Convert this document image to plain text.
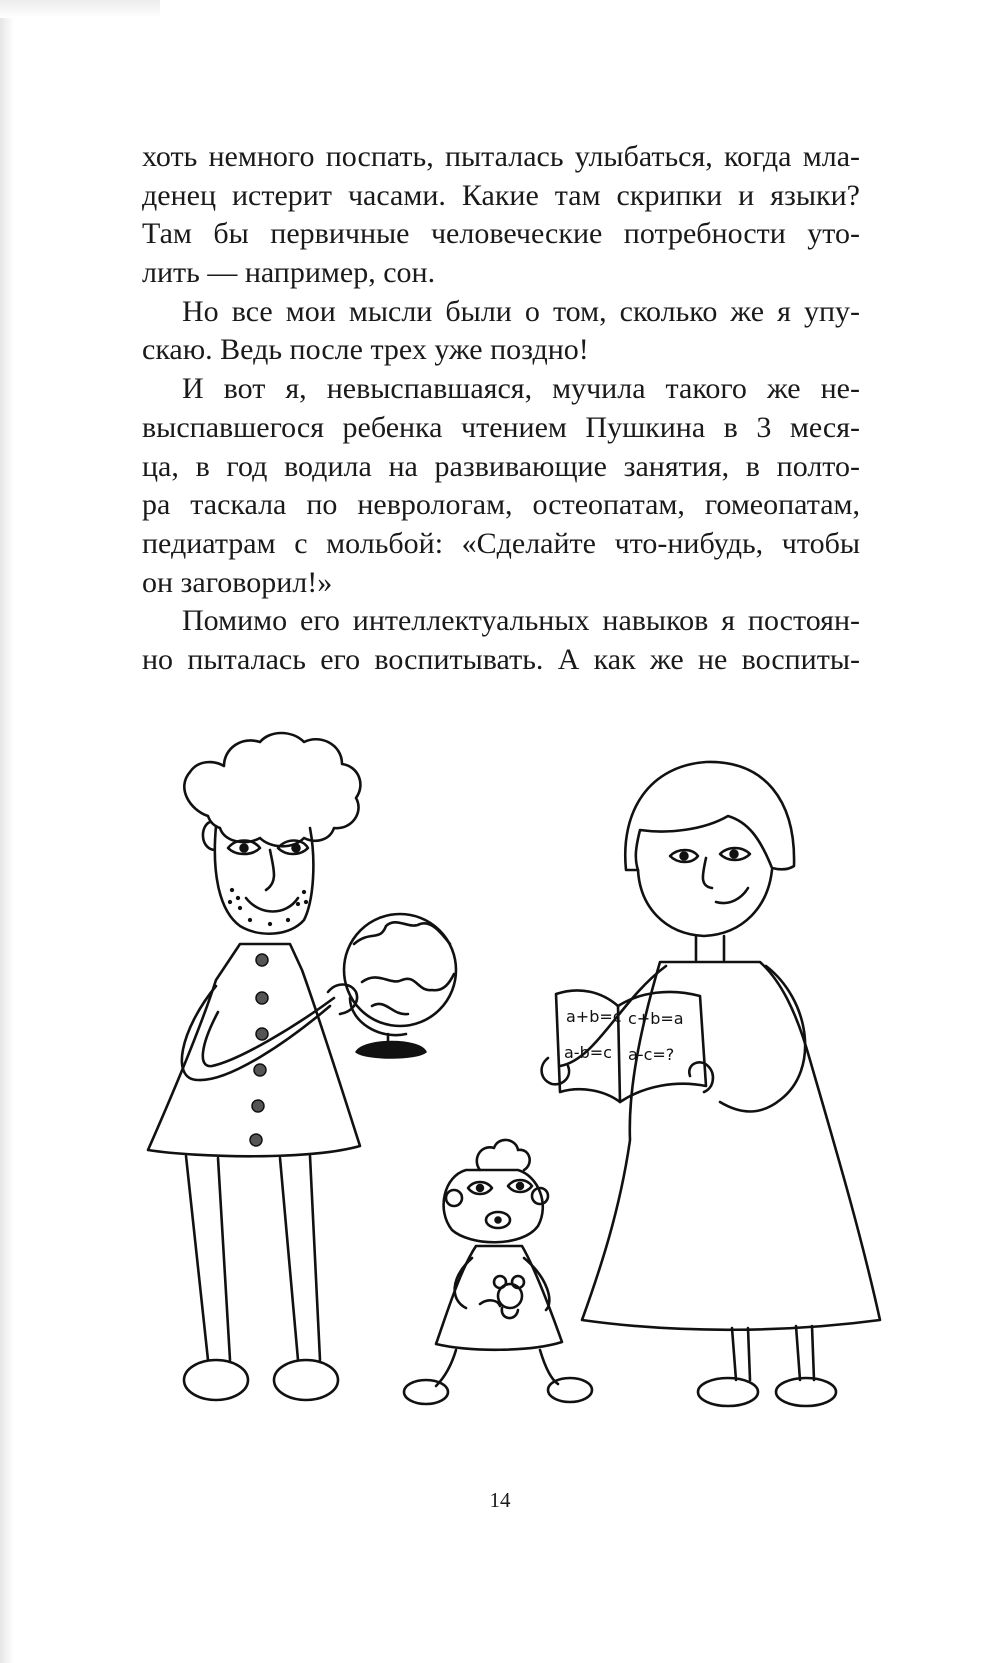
хоть немного поспать, пыталась улыбаться, когда мла-
денец истерит часами. Какие там скрипки и языки?
Там бы первичные человеческие потребности уто-
лить — например, сон.
Но все мои мысли были о том, сколько же я упу-
скаю. Ведь после трех уже поздно!
И вот я, невыспавшаяся, мучила такого же не-
выспавшегося ребенка чтением Пушкина в 3 меся-
ца, в год водила на развивающие занятия, в полто-
ра таскала по неврологам, остеопатам, гомеопатам,
педиатрам с мольбой: «Сделайте что-нибудь, чтобы
он заговорил!»
Помимо его интеллектуальных навыков я постоян-
но пыталась его воспитывать. А как же не воспиты-
a+b=c
a-b=c
c+b=a
a-c=?
14
